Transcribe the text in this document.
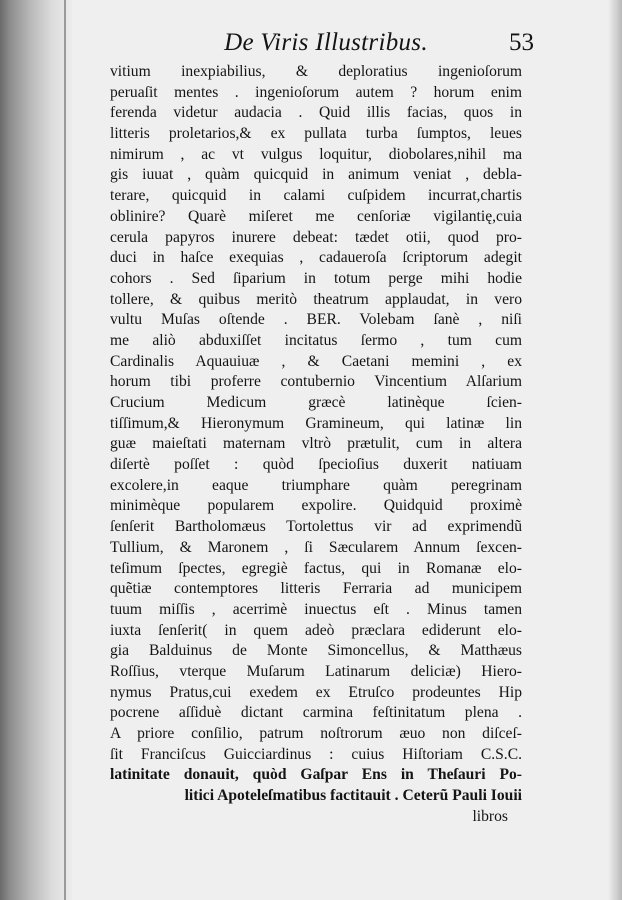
De Viris Illustribus.	53
vitium inexpiabilius, & deploratius ingenioſorum
peruaſit mentes . ingenioſorum autem ? horum enim
ferenda videtur audacia . Quid illis facias, quos in
litteris proletarios,& ex pullata turba ſumptos, leues
nimirum , ac vt vulgus loquitur, diobolares,nihil ma
gis iuuat , quàm quicquid in animum veniat , debla-
terare, quicquid in calami cuſpidem incurrat,chartis
oblinire? Quarè miſeret me cenſoriæ vigilantię,cuia
cerula papyros inurere debeat: tædet otii, quod pro-
duci in haſce exequias , cadaueroſa ſcriptorum adegit
cohors . Sed ſiparium in totum perge mihi hodie
tollere, & quibus meritò theatrum applaudat, in vero
vultu Muſas oſtende . BER. Volebam ſanè , niſi
me aliò abduxiſſet incitatus ſermo , tum cum
Cardinalis Aquauiuæ , & Caetani memini , ex
horum tibi proferre contubernio Vincentium Alſarium
Crucium Medicum græcè latinèque ſcien-
tiſſimum,& Hieronymum Gramineum, qui latinæ lin
guæ maieſtati maternam vltrò prætulit, cum in altera
diſertè poſſet : quòd ſpecioſius duxerit natiuam
excolere,in eaque triumphare quàm peregrinam
minimèque popularem expolire. Quidquid proximè
ſenſerit Bartholomæus Tortolettus vir ad exprimendũ
Tullium, & Maronem , ſi Sæcularem Annum ſexcen-
teſimum ſpectes, egregiè factus, qui in Romanæ elo-
quẽtiæ contemptores litteris Ferraria ad municipem
tuum miſſis , acerrimè inuectus eſt . Minus tamen
iuxta ſenſerit( in quem adeò præclara ediderunt elo-
gia Balduinus de Monte Simoncellus, & Matthæus
Roſſius, vterque Muſarum Latinarum deliciæ) Hiero-
nymus Pratus,cui exedem ex Etruſco prodeuntes Hip
pocrene aſſiduè dictant carmina feſtinitatum plena .
A priore conſilio, patrum noſtrorum æuo non diſceſ-
ſit Franciſcus Guicciardinus : cuius Hiſtoriam C.S.C.
latinitate donauit, quòd Gaſpar Ens in Theſauri Po-
litici Apoteleſmatibus factitauit . Ceterũ Pauli Iouii
libros
